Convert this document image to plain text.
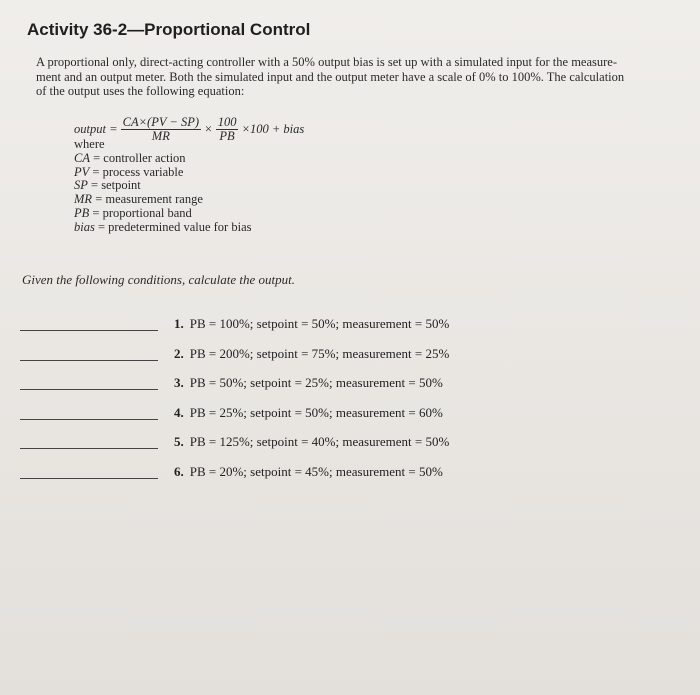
Activity 36-2—Proportional Control
A proportional only, direct-acting controller with a 50% output bias is set up with a simulated input for the measure-
ment and an output meter. Both the simulated input and the output meter have a scale of 0% to 100%. The calculation
of the output uses the following equation:
output = $\frac{CA\times(PV - SP)}{MR} \times \frac{100}{PB} \times 100$ + bias
where
CA = controller action
PV = process variable
SP = setpoint
MR = measurement range
PB = proportional band
bias = predetermined value for bias
Given the following conditions, calculate the output.
1. PB = 100%; setpoint = 50%; measurement = 50%
2. PB = 200%; setpoint = 75%; measurement = 25%
3. PB = 50%; setpoint = 25%; measurement = 50%
4. PB = 25%; setpoint = 50%; measurement = 60%
5. PB = 125%; setpoint = 40%; measurement = 50%
6. PB = 20%; setpoint = 45%; measurement = 50%
